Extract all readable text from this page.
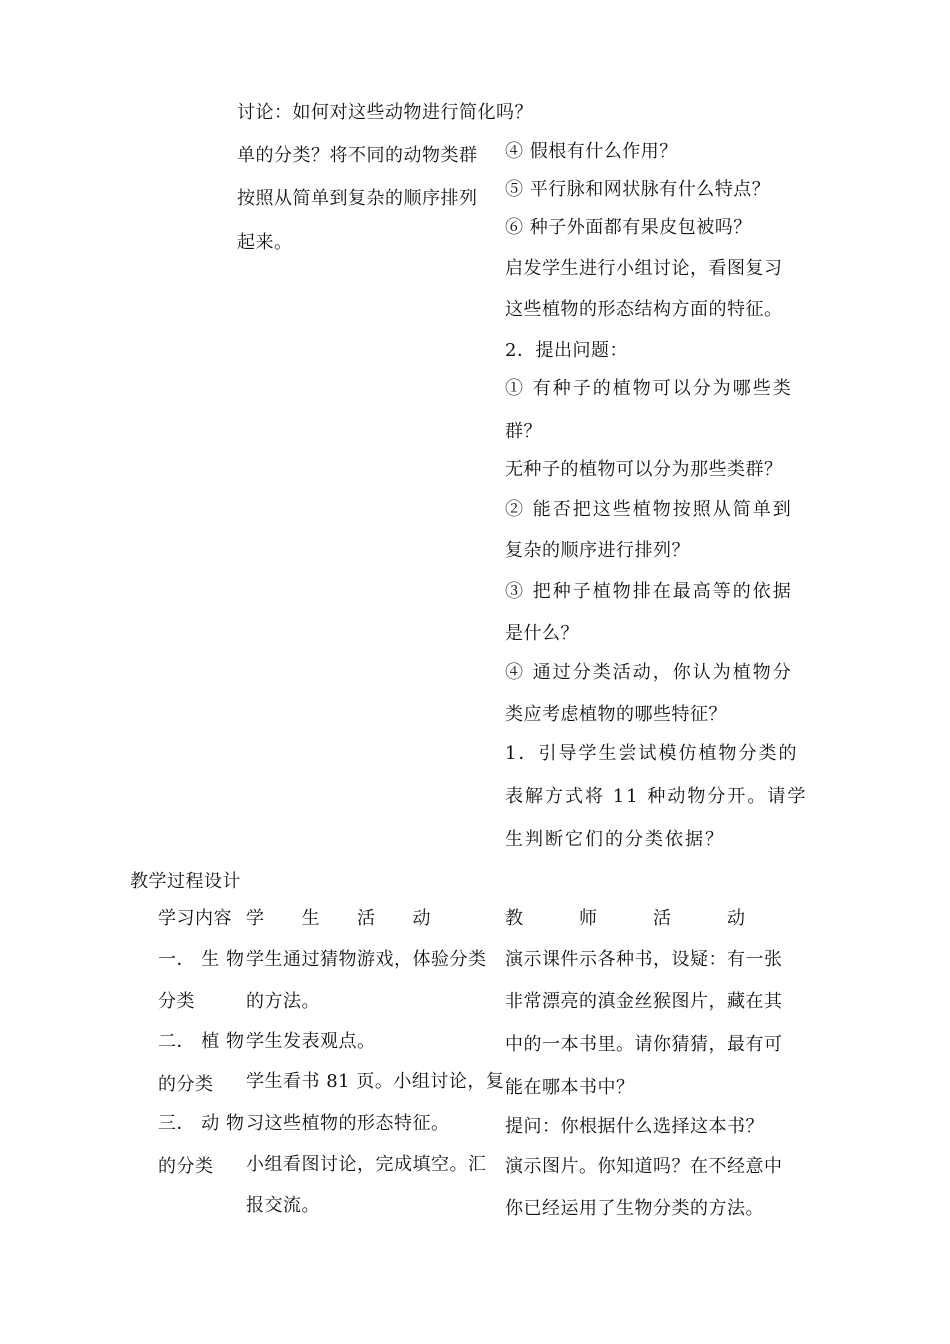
讨论：如何对这些动物进行简化吗？
单的分类？将不同的动物类群
按照从简单到复杂的顺序排列
起来。
④ 假根有什么作用？
⑤ 平行脉和网状脉有什么特点？
⑥ 种子外面都有果皮包被吗？
启发学生进行小组讨论，看图复习
这些植物的形态结构方面的特征。
2．提出问题：
① 有种子的植物可以分为哪些类
群？
无种子的植物可以分为那些类群？
② 能否把这些植物按照从简单到
复杂的顺序进行排列？
③ 把种子植物排在最高等的依据
是什么？
④ 通过分类活动，你认为植物分
类应考虑植物的哪些特征？
1．引导学生尝试模仿植物分类的
表解方式将 11 种动物分开。请学
生判断它们的分类依据？
教学过程设计
学习内容 学　　生　　活　　动	教　　　师　　　活　　　动
一． 生 物
分类
二． 植 物
的分类
三． 动 物
的分类
学生通过猜物游戏，体验分类
的方法。
学生发表观点。
学生看书 81 页。小组讨论，复
习这些植物的形态特征。
小组看图讨论，完成填空。汇
报交流。
演示课件示各种书，设疑：有一张
非常漂亮的滇金丝猴图片，藏在其
中的一本书里。请你猜猜，最有可
能在哪本书中？
提问：你根据什么选择这本书？
演示图片。你知道吗？在不经意中
你已经运用了生物分类的方法。
